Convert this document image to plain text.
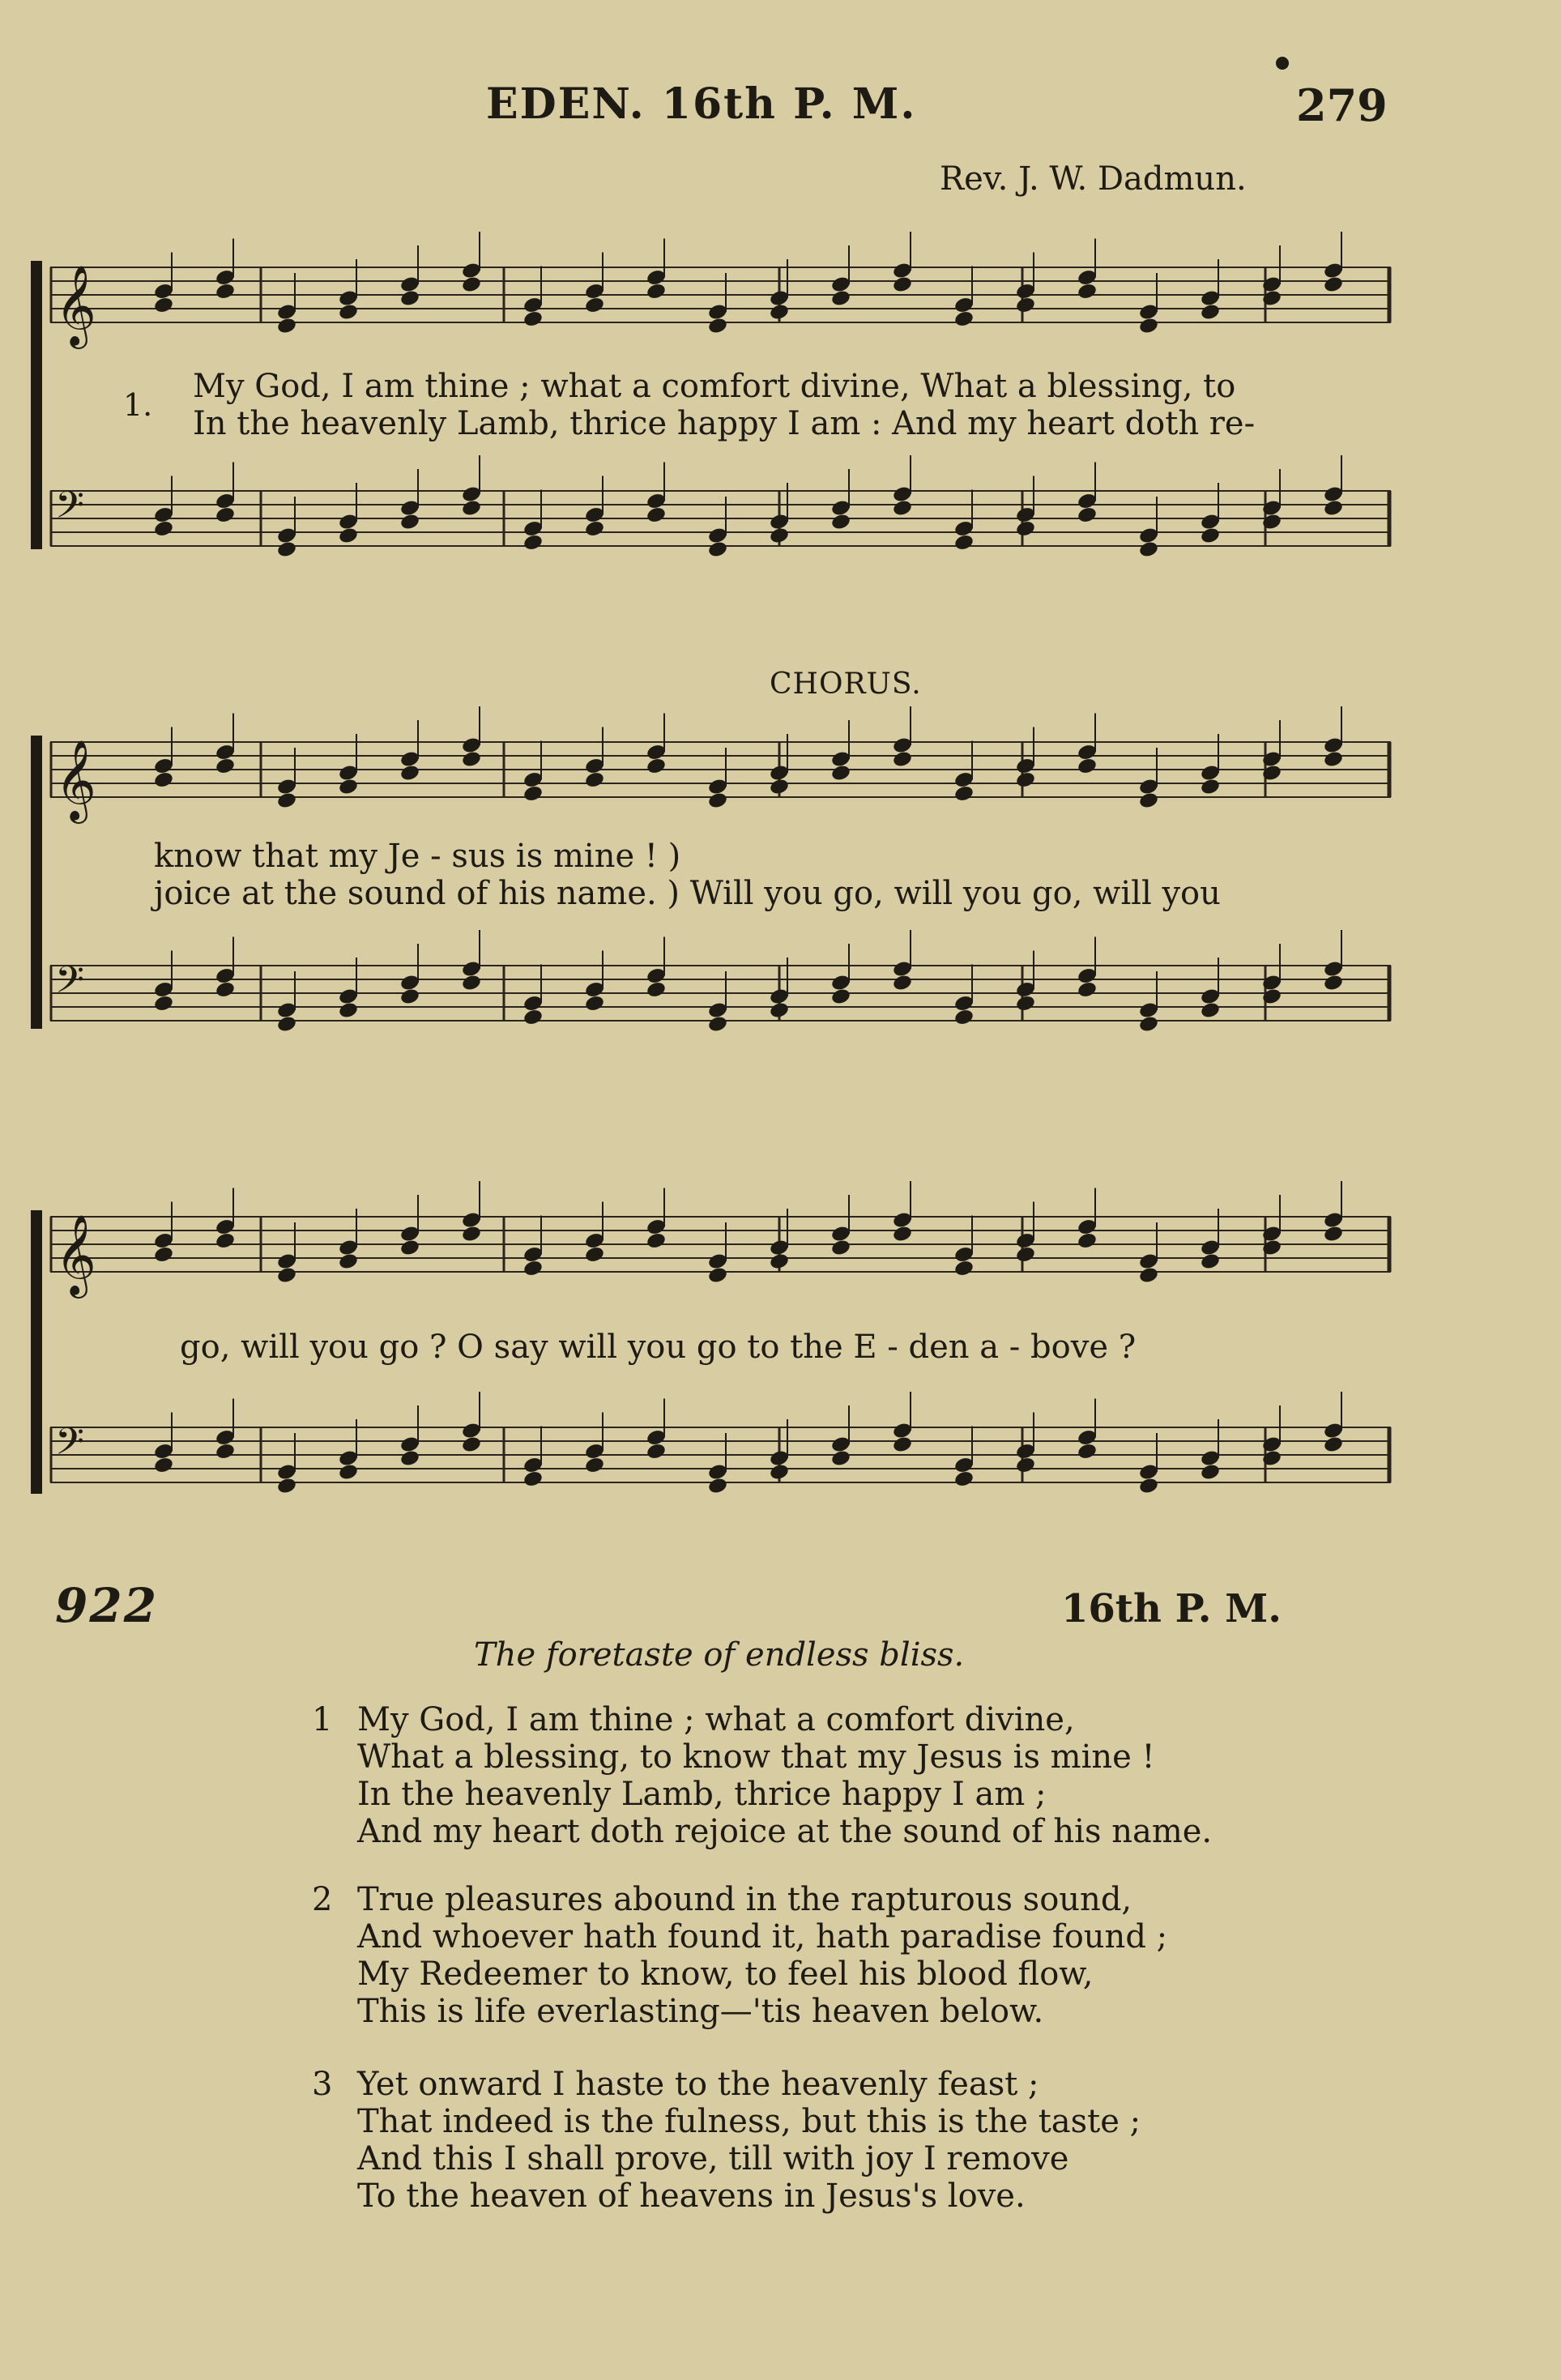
EDEN. 16th P. M.	279
Rev. J. W. Dadmun.
𝄞
1. My God, I am thine ; what a comfort divine, What a blessing, to
In the heavenly Lamb, thrice happy I am : And my heart doth re-
𝄢
CHORUS.
𝄞
know that my Je - sus is mine ! )
joice at the sound of his name. ) Will you go, will you go, will you
𝄢
𝄞
go, will you go ? O say will you go to the E - den a - bove ?
𝄢
922	16th P. M.
The foretaste of endless bliss.
1 My God, I am thine ; what a comfort divine,
What a blessing, to know that my Jesus is mine !
In the heavenly Lamb, thrice happy I am ;
And my heart doth rejoice at the sound of his name.
2 True pleasures abound in the rapturous sound,
And whoever hath found it, hath paradise found ;
My Redeemer to know, to feel his blood flow,
This is life everlasting—'tis heaven below.
3 Yet onward I haste to the heavenly feast ;
That indeed is the fulness, but this is the taste ;
And this I shall prove, till with joy I remove
To the heaven of heavens in Jesus's love.
